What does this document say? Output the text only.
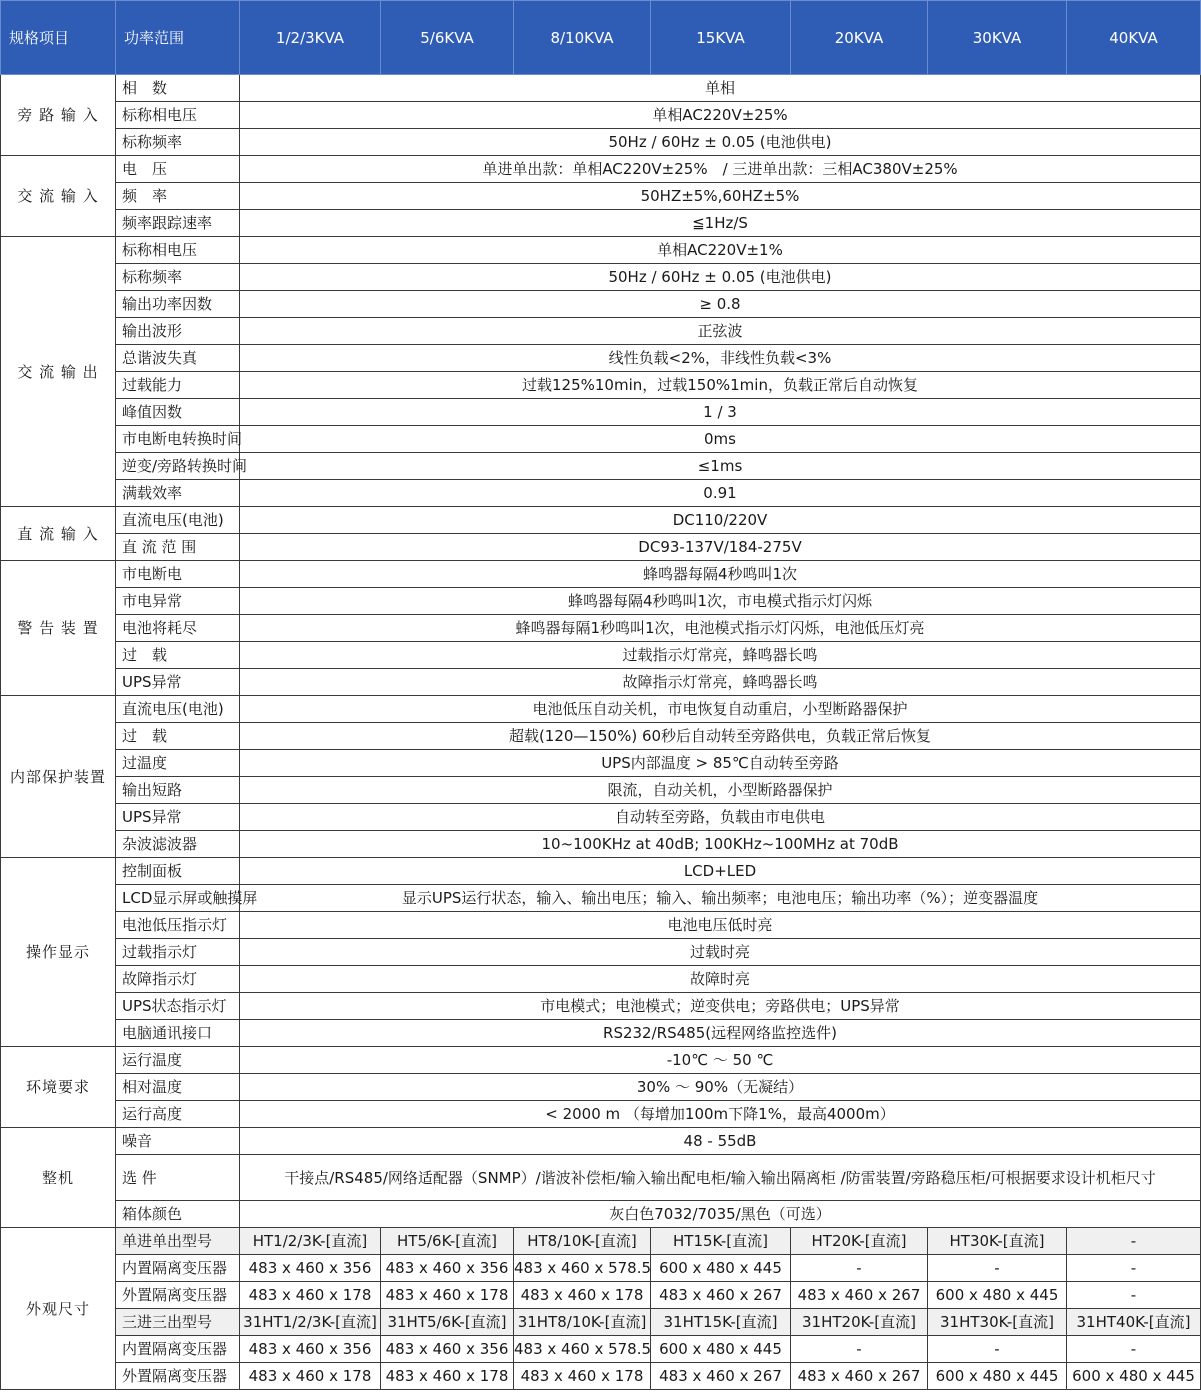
规格项目	功率范围	1/2/3KVA	5/6KVA	8/10KVA	15KVA	20KVA	30KVA	40KVA
旁 路 输 入	相　数	单相						
	标称相电压	单相AC220V±25%						
	标称频率	50Hz / 60Hz ± 0.05 (电池供电)						
交 流 输 入	电　压	单进单出款：单相AC220V±25%　/ 三进单出款：三相AC380V±25%						
	频　率	50HZ±5%,60HZ±5%						
	频率跟踪速率	≦1Hz/S						
交 流 输 出	标称相电压	单相AC220V±1%						
	标称频率	50Hz / 60Hz ± 0.05 (电池供电)						
	输出功率因数	≥ 0.8						
	输出波形	正弦波						
	总谐波失真	线性负载<2%，非线性负载<3%						
	过载能力	过载125%10min，过载150%1min，负载正常后自动恢复						
	峰值因数	1 / 3						
	市电断电转换时间	0ms						
	逆变/旁路转换时间	≤1ms						
	满载效率	0.91						
直 流 输 入	直流电压(电池)	DC110/220V						
	直 流 范 围	DC93-137V/184-275V						
警 告 装 置	市电断电	蜂鸣器每隔4秒鸣叫1次						
	市电异常	蜂鸣器每隔4秒鸣叫1次，市电模式指示灯闪烁						
	电池将耗尽	蜂鸣器每隔1秒鸣叫1次，电池模式指示灯闪烁，电池低压灯亮						
	过　载	过载指示灯常亮，蜂鸣器长鸣						
	UPS异常	故障指示灯常亮，蜂鸣器长鸣						
内部保护装置	直流电压(电池)	电池低压自动关机，市电恢复自动重启，小型断路器保护						
	过　载	超载(120—150%) 60秒后自动转至旁路供电，负载正常后恢复						
	过温度	UPS内部温度 > 85℃自动转至旁路						
	输出短路	限流，自动关机，小型断路器保护						
	UPS异常	自动转至旁路，负载由市电供电						
	杂波滤波器	10~100KHz at 40dB; 100KHz~100MHz at 70dB						
操作显示	控制面板	LCD+LED						
	LCD显示屏或触摸屏	显示UPS运行状态，输入、输出电压；输入、输出频率；电池电压；输出功率（%）；逆变器温度						
	电池低压指示灯	电池电压低时亮						
	过载指示灯	过载时亮						
	故障指示灯	故障时亮						
	UPS状态指示灯	市电模式；电池模式；逆变供电；旁路供电；UPS异常						
	电脑通讯接口	RS232/RS485(远程网络监控选件)						
环境要求	运行温度	-10℃ ～ 50 ℃						
	相对温度	30% ～ 90%（无凝结）						
	运行高度	< 2000 m （每增加100m下降1%，最高4000m）						
整机	噪音	48 - 55dB						
	选 件	干接点/RS485/网络适配器（SNMP）/谐波补偿柜/输入输出配电柜/输入输出隔离柜 /防雷装置/旁路稳压柜/可根据要求设计机柜尺寸						
	箱体颜色	灰白色7032/7035/黑色（可选）						
外观尺寸	单进单出型号	HT1/2/3K-[直流]	HT5/6K-[直流]	HT8/10K-[直流]	HT15K-[直流]	HT20K-[直流]	HT30K-[直流]	-
	内置隔离变压器	483 x 460 x 356	483 x 460 x 356	483 x 460 x 578.5	600 x 480 x 445	-	-	-
	外置隔离变压器	483 x 460 x 178	483 x 460 x 178	483 x 460 x 178	483 x 460 x 267	483 x 460 x 267	600 x 480 x 445	-
	三进三出型号	31HT1/2/3K-[直流]	31HT5/6K-[直流]	31HT8/10K-[直流]	31HT15K-[直流]	31HT20K-[直流]	31HT30K-[直流]	31HT40K-[直流]
	内置隔离变压器	483 x 460 x 356	483 x 460 x 356	483 x 460 x 578.5	600 x 480 x 445	-	-	-
	外置隔离变压器	483 x 460 x 178	483 x 460 x 178	483 x 460 x 178	483 x 460 x 267	483 x 460 x 267	600 x 480 x 445	600 x 480 x 445
